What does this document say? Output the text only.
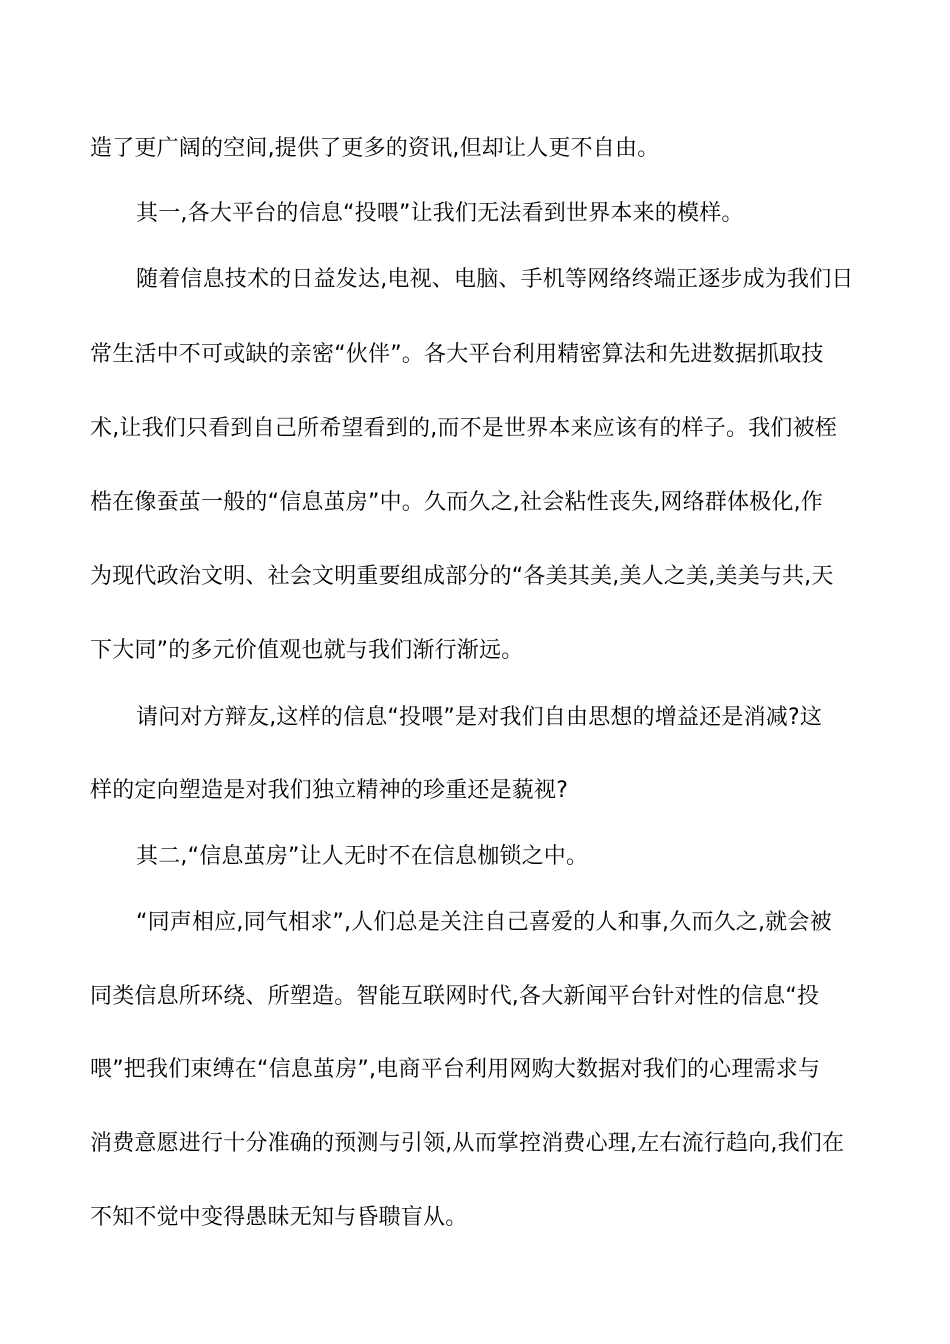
造了更广阔的空间,提供了更多的资讯,但却让人更不自由。
其一,各大平台的信息“投喂”让我们无法看到世界本来的模样。
随着信息技术的日益发达,电视、电脑、手机等网络终端正逐步成为我们日
常生活中不可或缺的亲密“伙伴”。各大平台利用精密算法和先进数据抓取技
术,让我们只看到自己所希望看到的,而不是世界本来应该有的样子。我们被桎
梏在像蚕茧一般的“信息茧房”中。久而久之,社会粘性丧失,网络群体极化,作
为现代政治文明、社会文明重要组成部分的“各美其美,美人之美,美美与共,天
下大同”的多元价值观也就与我们渐行渐远。
请问对方辩友,这样的信息“投喂”是对我们自由思想的增益还是消减?这
样的定向塑造是对我们独立精神的珍重还是藐视?
其二,“信息茧房”让人无时不在信息枷锁之中。
“同声相应,同气相求”,人们总是关注自己喜爱的人和事,久而久之,就会被
同类信息所环绕、所塑造。智能互联网时代,各大新闻平台针对性的信息“投
喂”把我们束缚在“信息茧房”,电商平台利用网购大数据对我们的心理需求与
消费意愿进行十分准确的预测与引领,从而掌控消费心理,左右流行趋向,我们在
不知不觉中变得愚昧无知与昏聩盲从。
